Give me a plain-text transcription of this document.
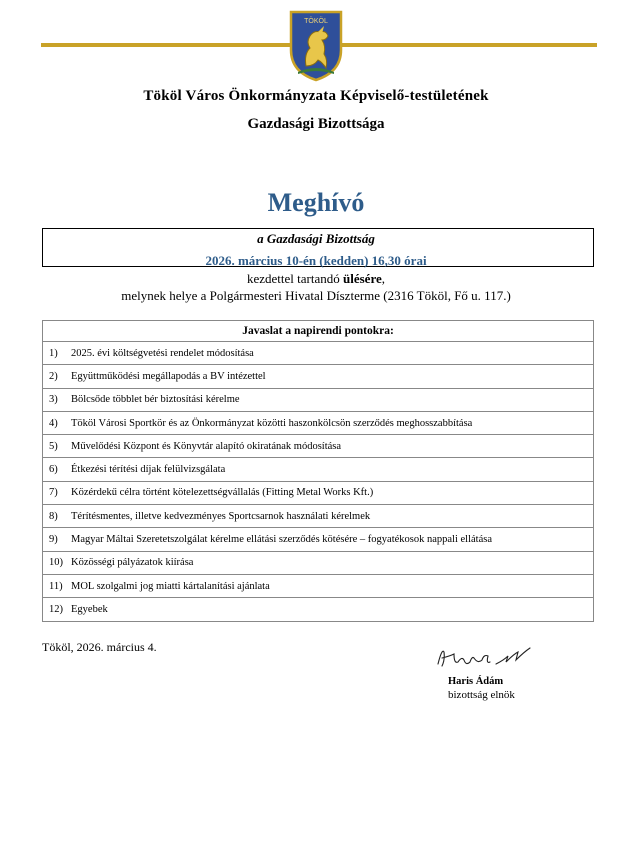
TÖKÖL
Tököl Város Önkormányzata Képviselő-testületének
Gazdasági Bizottsága
Meghívó
a Gazdasági Bizottság
2026. március 10-én (kedden) 16,30 órai
kezdettel tartandó ülésére,
melynek helye a Polgármesteri Hivatal Díszterme (2316 Tököl, Fő u. 117.)
Javaslat a napirendi pontokra:
1) 2025. évi költségvetési rendelet módosítása
2) Együttműködési megállapodás a BV intézettel
3) Bölcsőde többlet bér biztosítási kérelme
4) Tököl Városi Sportkör és az Önkormányzat közötti haszonkölcsön szerződés meghosszabbítása
5) Művelődési Központ és Könyvtár alapító okiratának módosítása
6) Étkezési térítési díjak felülvizsgálata
7) Közérdekű célra történt kötelezettségvállalás (Fitting Metal Works Kft.)
8) Térítésmentes, illetve kedvezményes Sportcsarnok használati kérelmek
9) Magyar Máltai Szeretetszolgálat kérelme ellátási szerződés kötésére – fogyatékosok nappali ellátása
10) Közösségi pályázatok kiírása
11) MOL szolgalmi jog miatti kártalanítási ajánlata
12) Egyebek
Tököl, 2026. március 4.
Haris Ádám
bizottság elnök
